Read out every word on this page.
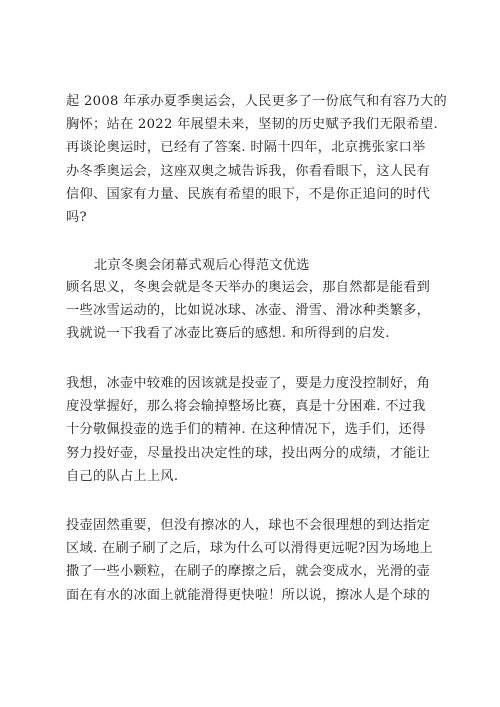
起 2008 年承办夏季奥运会，人民更多了一份底气和有容乃大的
胸怀；站在 2022 年展望未来，坚韧的历史赋予我们无限希望.
再谈论奥运时，已经有了答案. 时隔十四年，北京携张家口举
办冬季奥运会，这座双奥之城告诉我，你看看眼下，这人民有
信仰、国家有力量、民族有希望的眼下，不是你正追问的时代
吗?

北京冬奥会闭幕式观后心得范文优选

顾名思义，冬奥会就是冬天举办的奥运会，那自然都是能看到
一些冰雪运动的，比如说冰球、冰壶、滑雪、滑冰种类繁多，
我就说一下我看了冰壶比赛后的感想. 和所得到的启发.

我想，冰壶中较难的因该就是投壶了，要是力度没控制好，角
度没掌握好，那么将会输掉整场比赛，真是十分困难. 不过我
十分敬佩投壶的选手们的精神. 在这种情况下，选手们，还得
努力投好壶，尽量投出决定性的球，投出两分的成绩，才能让
自己的队占上上风.

投壶固然重要，但没有擦冰的人，球也不会很理想的到达指定
区域. 在刷子刷了之后，球为什么可以滑得更远呢?因为场地上
撒了一些小颗粒，在刷子的摩擦之后，就会变成水，光滑的壶
面在有水的冰面上就能滑得更快啦！所以说，擦冰人是个球的
